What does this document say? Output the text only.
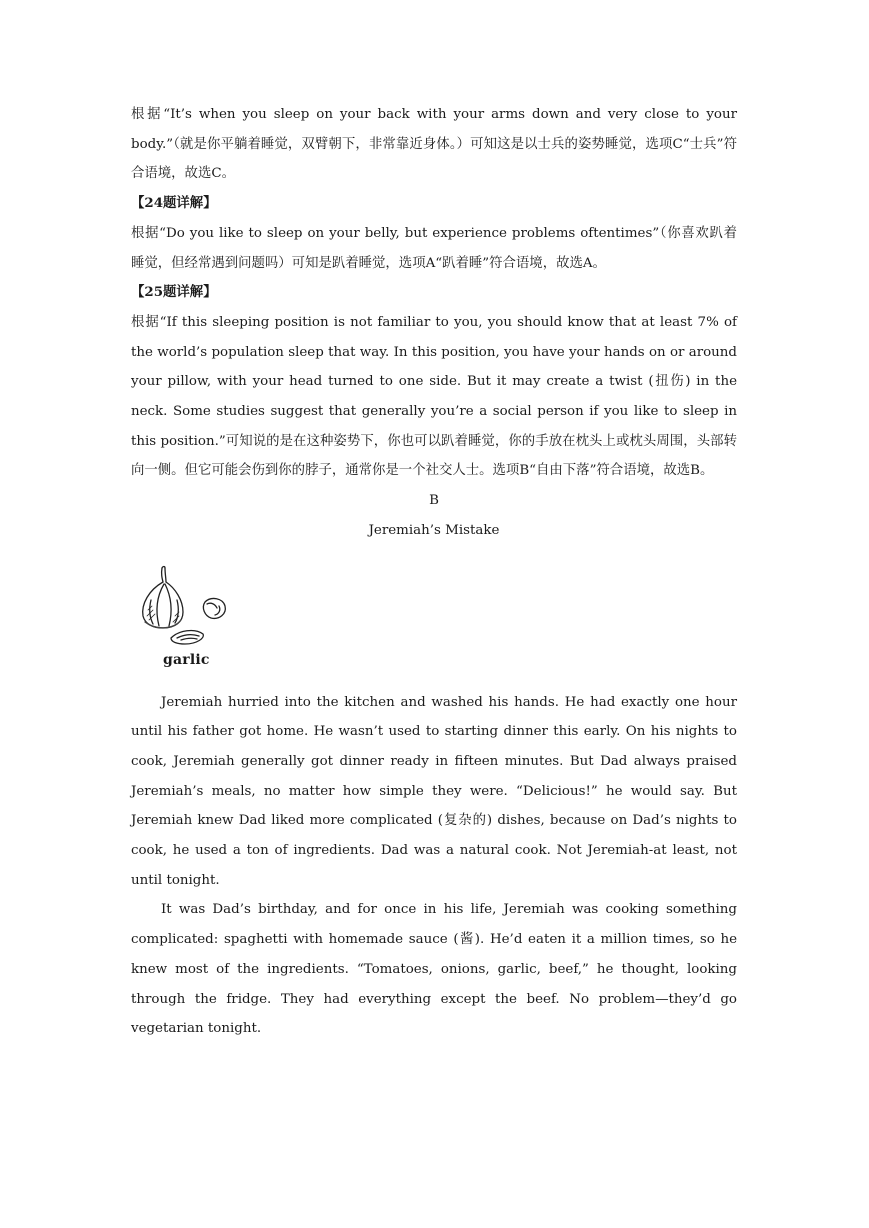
根据“It’s when you sleep on your back with your arms down and very close to your body.”（就是你平躺着睡觉，双臂朝下，非常靠近身体。）可知这是以士兵的姿势睡觉，选项C“士兵”符合语境，故选C。

【24题详解】

根据“Do you like to sleep on your belly, but experience problems oftentimes”（你喜欢趴着睡觉，但经常遇到问题吗）可知是趴着睡觉，选项A“趴着睡”符合语境，故选A。

【25题详解】

根据“If this sleeping position is not familiar to you, you should know that at least 7% of the world’s population sleep that way. In this position, you have your hands on or around your pillow, with your head turned to one side. But it may create a twist (扭伤) in the neck. Some studies suggest that generally you’re a social person if you like to sleep in this position.”可知说的是在这种姿势下，你也可以趴着睡觉，你的手放在枕头上或枕头周围，头部转向一侧。但它可能会伤到你的脖子，通常你是一个社交人士。选项B“自由下落”符合语境，故选B。

B

Jeremiah’s Mistake

garlic

Jeremiah hurried into the kitchen and washed his hands. He had exactly one hour until his father got home. He wasn’t used to starting dinner this early. On his nights to cook, Jeremiah generally got dinner ready in fifteen minutes. But Dad always praised Jeremiah’s meals, no matter how simple they were. “Delicious!” he would say. But Jeremiah knew Dad liked more complicated (复杂的) dishes, because on Dad’s nights to cook, he used a ton of ingredients. Dad was a natural cook. Not Jeremiah-at least, not until tonight.

It was Dad’s birthday, and for once in his life, Jeremiah was cooking something complicated: spaghetti with homemade sauce (酱). He’d eaten it a million times, so he knew most of the ingredients. “Tomatoes, onions, garlic, beef,” he thought, looking through the fridge. They had everything except the beef. No problem—they’d go vegetarian tonight.
